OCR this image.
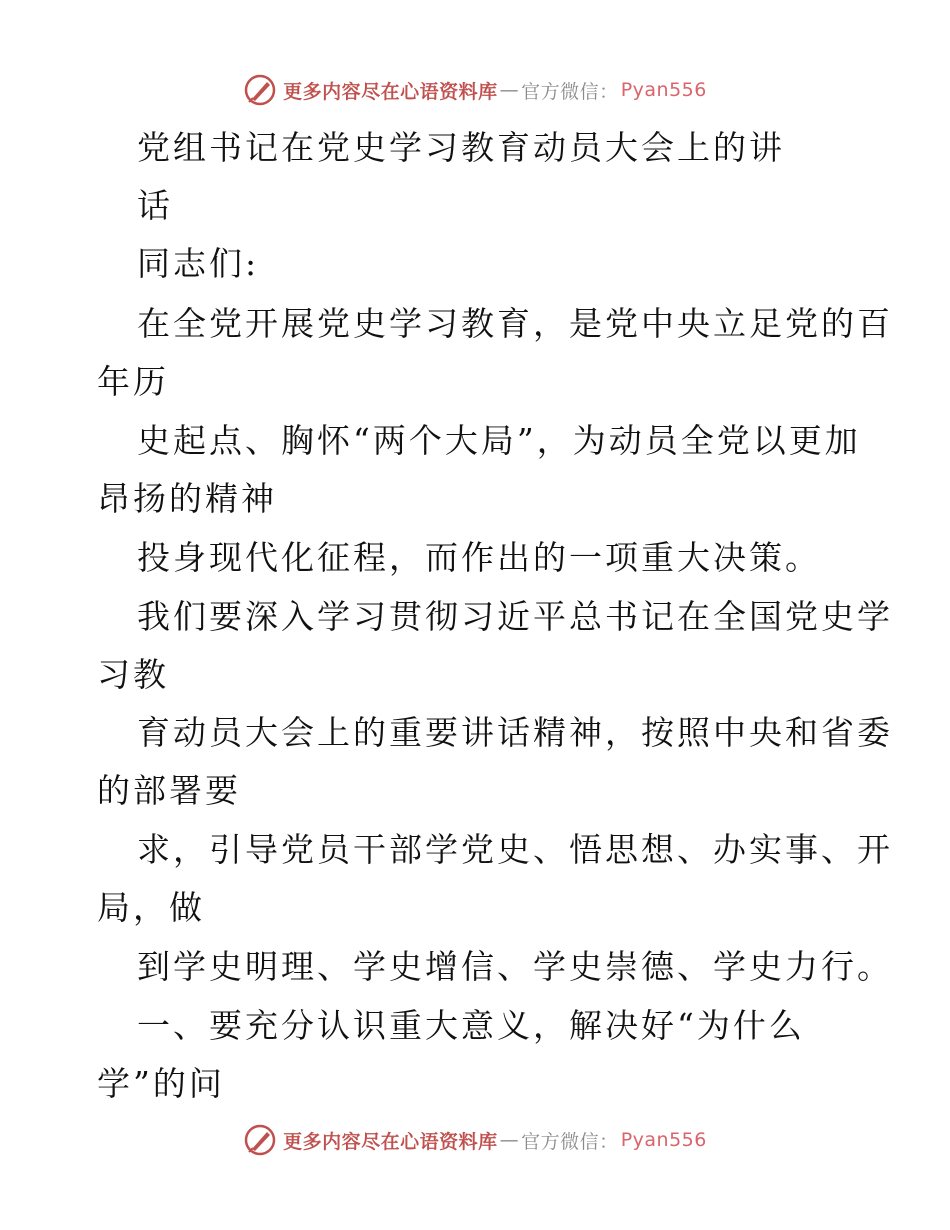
更多内容尽在心语资料库 — 官方微信： Pyan556
党组书记在党史学习教育动员大会上的讲
话
同志们:
在全党开展党史学习教育，是党中央立足党的百
年历
史起点、胸怀“两个大局”，为动员全党以更加
昂扬的精神
投身现代化征程，而作出的一项重大决策。
我们要深入学习贯彻习近平总书记在全国党史学
习教
育动员大会上的重要讲话精神，按照中央和省委
的部署要
求，引导党员干部学党史、悟思想、办实事、开
局，做
到学史明理、学史增信、学史崇德、学史力行。
一、要充分认识重大意义，解决好“为什么
学”的问
更多内容尽在心语资料库 — 官方微信： Pyan556
